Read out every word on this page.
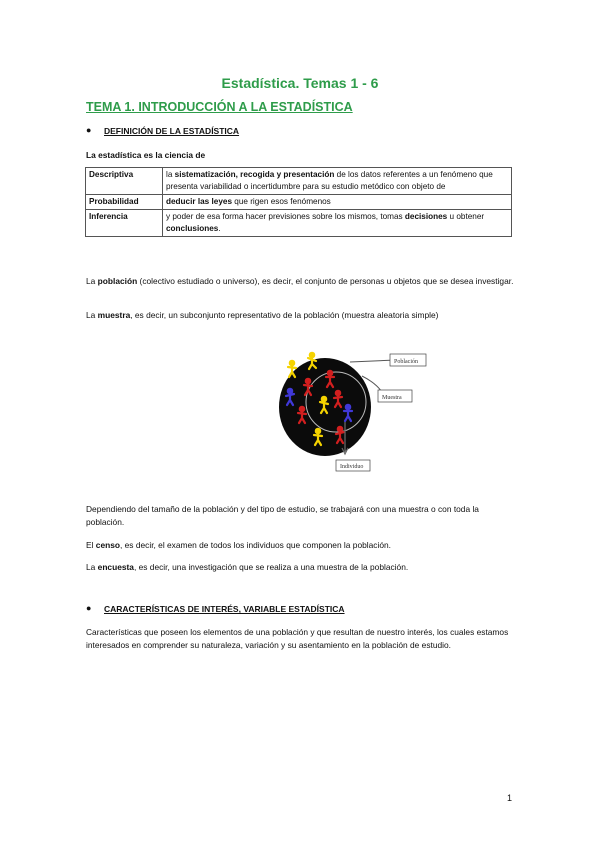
Estadística. Temas 1 - 6
TEMA 1. INTRODUCCIÓN A LA ESTADÍSTICA
● DEFINICIÓN DE LA ESTADÍSTICA
La estadística es la ciencia de
Descriptiva	la sistematización, recogida y presentación de los datos referentes a un fenómeno que presenta variabilidad o incertidumbre para su estudio metódico con objeto de
Probabilidad	deducir las leyes que rigen esos fenómenos
Inferencia	y poder de esa forma hacer previsiones sobre los mismos, tomas decisiones u obtener conclusiones.
La población (colectivo estudiado o universo), es decir, el conjunto de personas u objetos que se desea investigar.
La muestra, es decir, un subconjunto representativo de la población (muestra aleatoria simple)
Población
Muestra
Individuo
Dependiendo del tamaño de la población y del tipo de estudio, se trabajará con una muestra o con toda la población.
El censo, es decir, el examen de todos los individuos que componen la población.
La encuesta, es decir, una investigación que se realiza a una muestra de la población.
● CARACTERÍSTICAS DE INTERÉS, VARIABLE ESTADÍSTICA
Características que poseen los elementos de una población y que resultan de nuestro interés, los cuales estamos interesados en comprender su naturaleza, variación y su asentamiento en la población de estudio.
1
